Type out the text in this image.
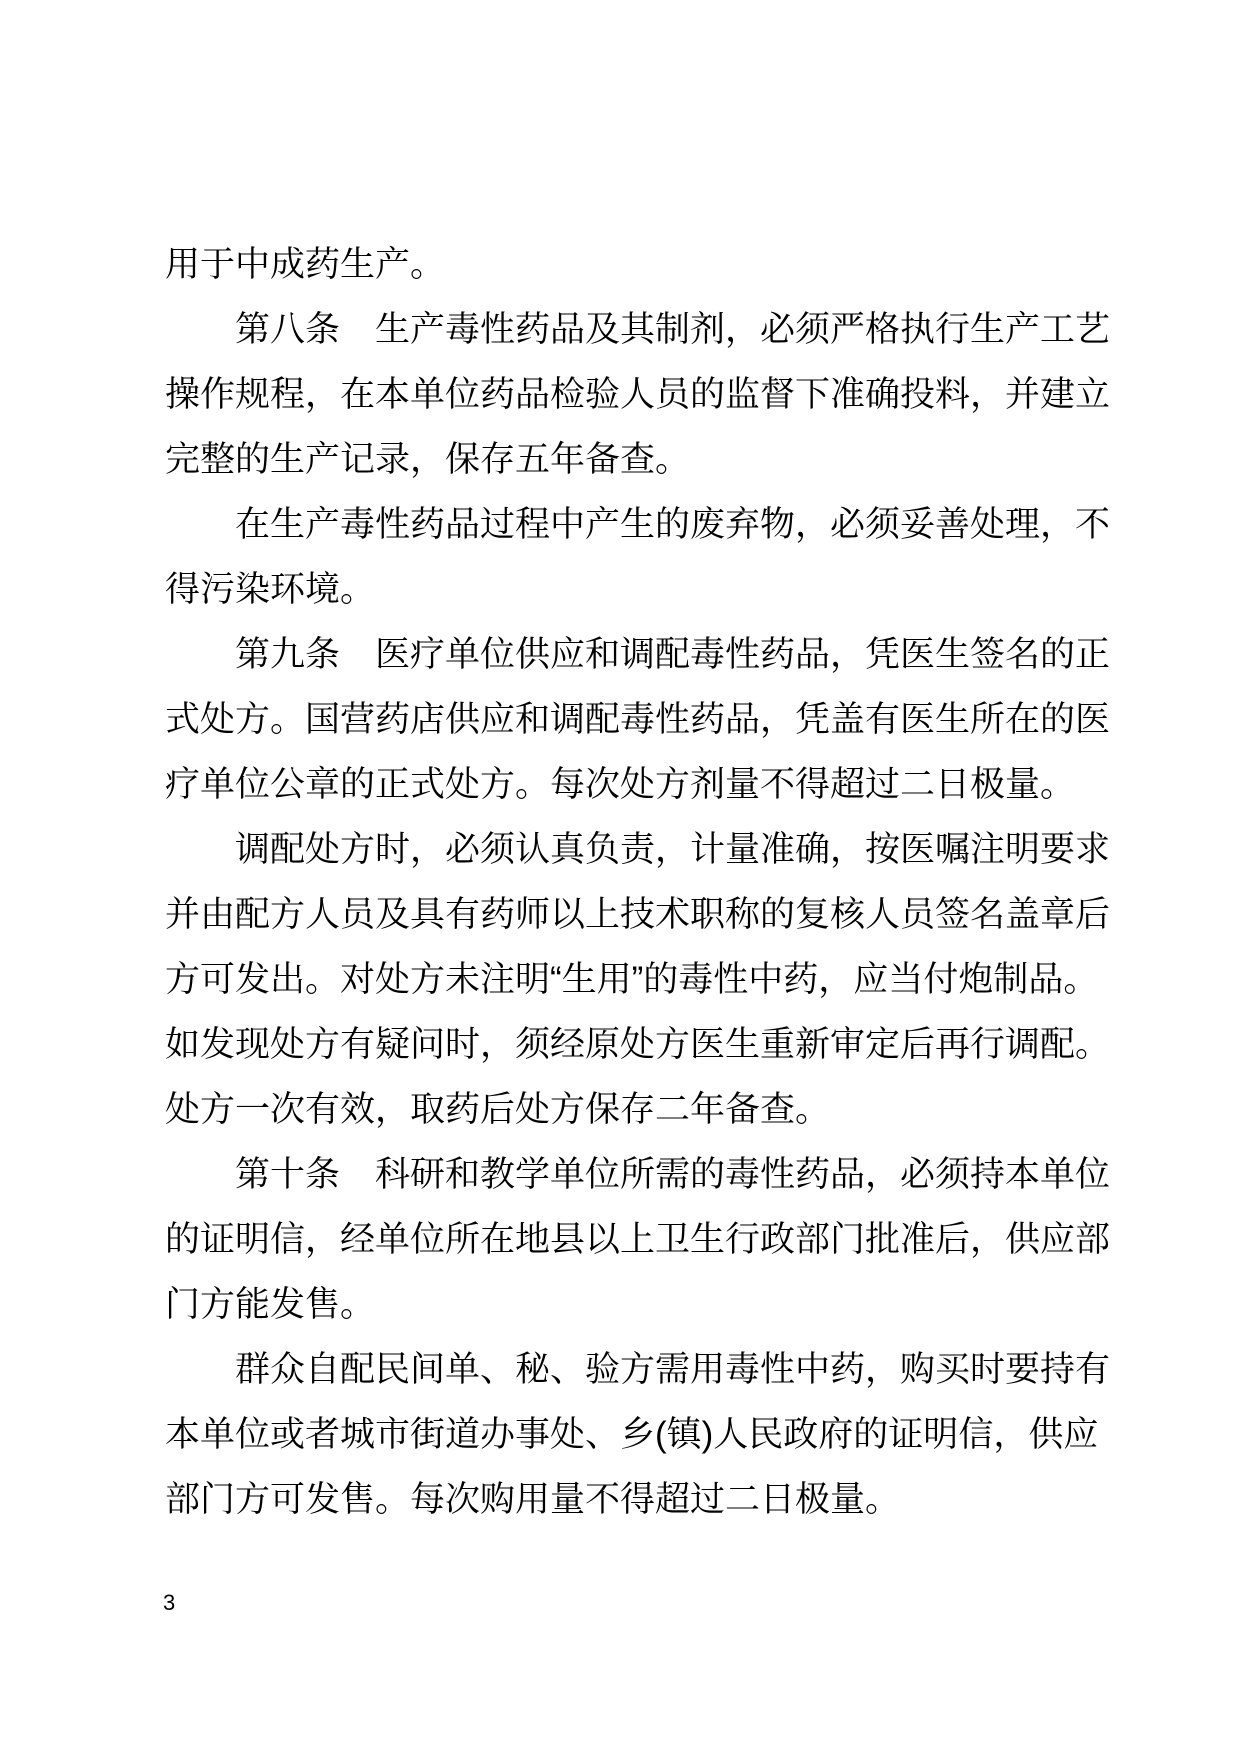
用于中成药生产。
第八条　生产毒性药品及其制剂，必须严格执行生产工艺
操作规程，在本单位药品检验人员的监督下准确投料，并建立
完整的生产记录，保存五年备查。
在生产毒性药品过程中产生的废弃物，必须妥善处理，不
得污染环境。
第九条　医疗单位供应和调配毒性药品，凭医生签名的正
式处方。国营药店供应和调配毒性药品，凭盖有医生所在的医
疗单位公章的正式处方。每次处方剂量不得超过二日极量。
调配处方时，必须认真负责，计量准确，按医嘱注明要求
并由配方人员及具有药师以上技术职称的复核人员签名盖章后
方可发出。对处方未注明“生用”的毒性中药，应当付炮制品。
如发现处方有疑问时，须经原处方医生重新审定后再行调配。
处方一次有效，取药后处方保存二年备查。
第十条　科研和教学单位所需的毒性药品，必须持本单位
的证明信，经单位所在地县以上卫生行政部门批准后，供应部
门方能发售。
群众自配民间单、秘、验方需用毒性中药，购买时要持有
本单位或者城市街道办事处、乡(镇)人民政府的证明信，供应
部门方可发售。每次购用量不得超过二日极量。
3
